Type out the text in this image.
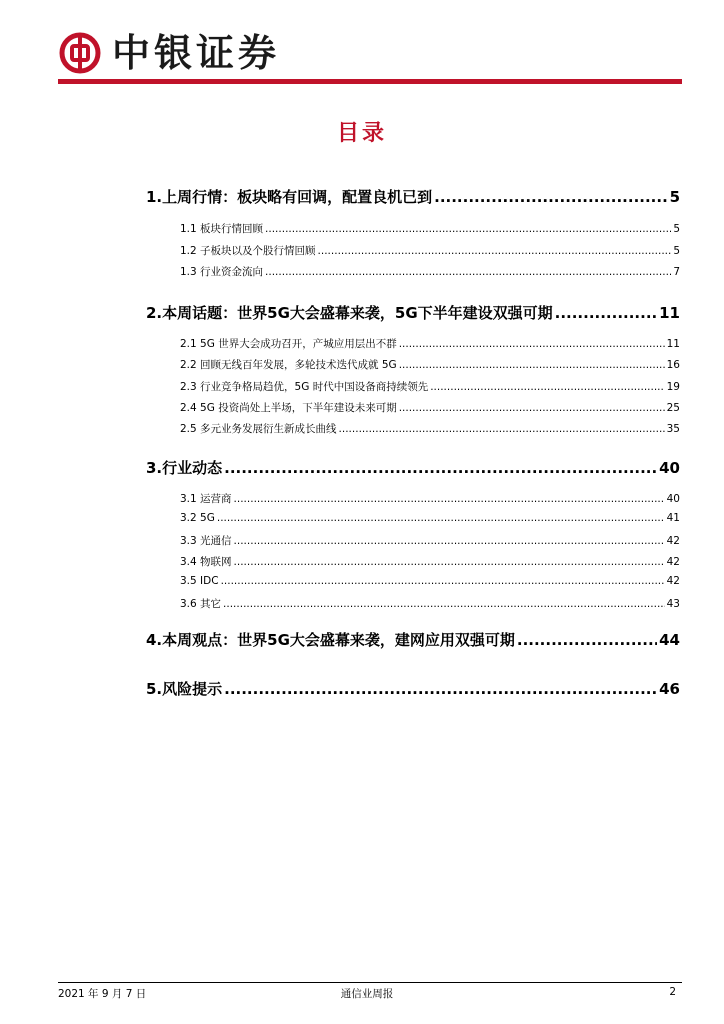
中银证券
目录
1.上周行情：板块略有回调，配置良机已到 .....	5
1.1 板块行情回顾 .....	5
1.2 子板块以及个股行情回顾 .....	5
1.3 行业资金流向 .....	7
2.本周话题：世界5G大会盛幕来袭，5G下半年建设双强可期 .....	11
2.1 5G 世界大会成功召开，产城应用层出不群 .....	11
2.2 回顾无线百年发展，多轮技术迭代成就 5G .....	16
2.3 行业竞争格局趋优，5G 时代中国设备商持续领先 .....	19
2.4 5G 投资尚处上半场，下半年建设未来可期 .....	25
2.5 多元业务发展衍生新成长曲线 .....	35
3.行业动态 .....	40
3.1 运营商 .....	40
3.2 5G .....	41
3.3 光通信 .....	42
3.4 物联网 .....	42
3.5 IDC .....	42
3.6 其它 .....	43
4.本周观点：世界5G大会盛幕来袭，建网应用双强可期 .....	44
5.风险提示 .....	46
2021 年 9 月 7 日	通信业周报	2
